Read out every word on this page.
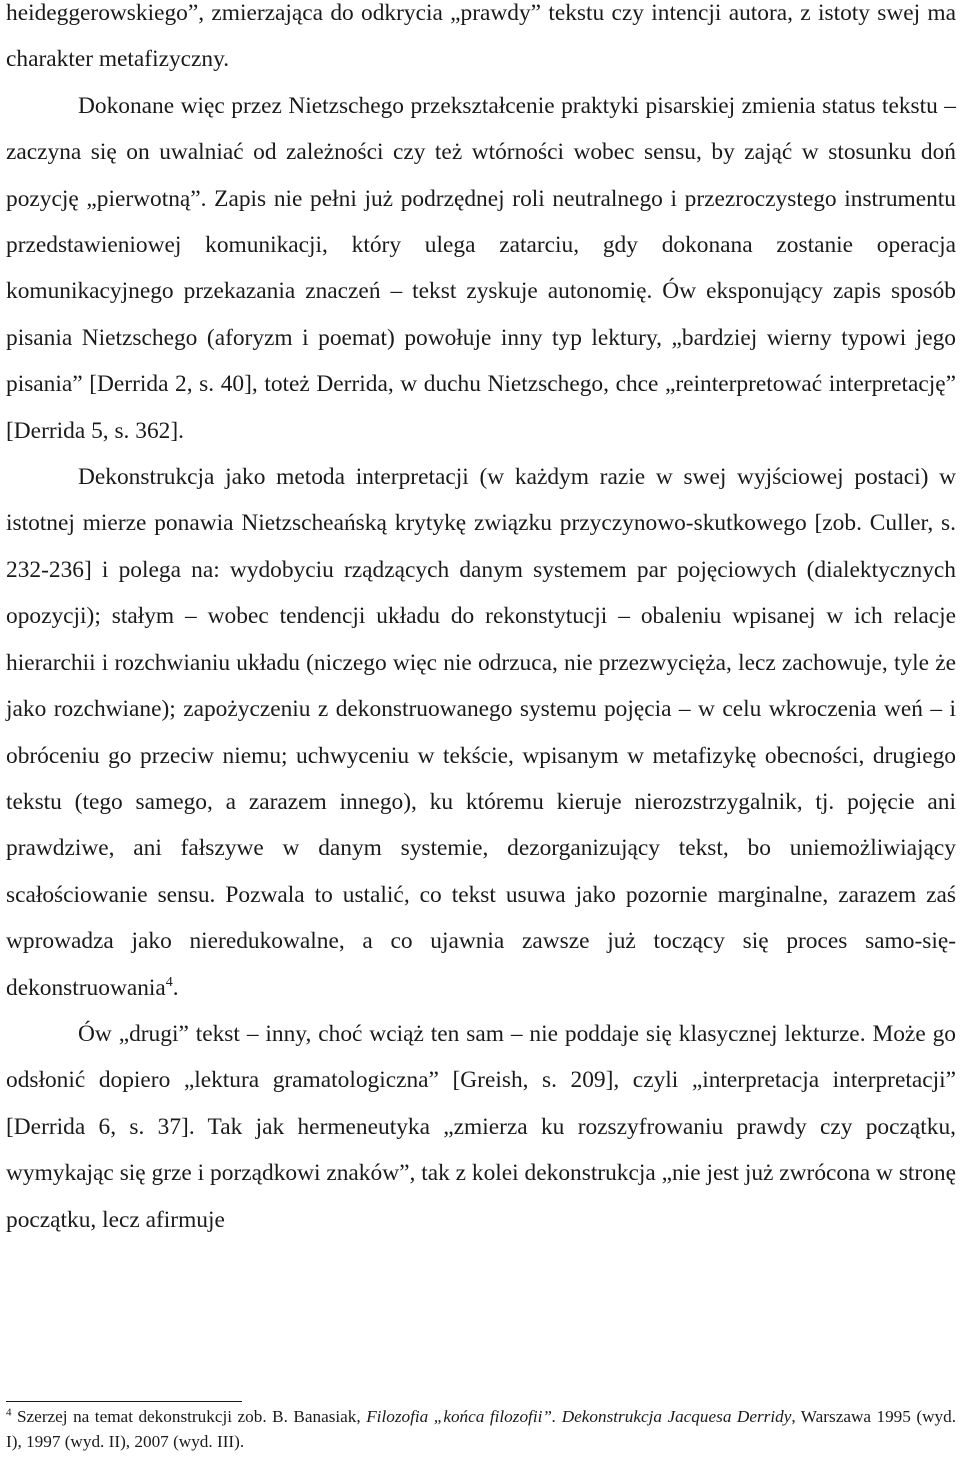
heideggerowskiego”, zmierzająca do odkrycia „prawdy” tekstu czy intencji autora, z istoty swej ma charakter metafizyczny.

Dokonane więc przez Nietzschego przekształcenie praktyki pisarskiej zmienia status tekstu – zaczyna się on uwalniać od zależności czy też wtórności wobec sensu, by zająć w stosunku doń pozycję „pierwotną”. Zapis nie pełni już podrzędnej roli neutralnego i przezroczystego instrumentu przedstawieniowej komunikacji, który ulega zatarciu, gdy dokonana zostanie operacja komunikacyjnego przekazania znaczeń – tekst zyskuje autonomię. Ów eksponujący zapis sposób pisania Nietzschego (aforyzm i poemat) powołuje inny typ lektury, „bardziej wierny typowi jego pisania” [Derrida 2, s. 40], toteż Derrida, w duchu Nietzschego, chce „reinterpretować interpretację” [Derrida 5, s. 362].

Dekonstrukcja jako metoda interpretacji (w każdym razie w swej wyjściowej postaci) w istotnej mierze ponawia Nietzscheańską krytykę związku przyczynowo-skutkowego [zob. Culler, s. 232-236] i polega na: wydobyciu rządzących danym systemem par pojęciowych (dialektycznych opozycji); stałym – wobec tendencji układu do rekonstytucji – obaleniu wpisanej w ich relacje hierarchii i rozchwianiu układu (niczego więc nie odrzuca, nie przezwycięża, lecz zachowuje, tyle że jako rozchwiane); zapożyczeniu z dekonstruowanego systemu pojęcia – w celu wkroczenia weń – i obróceniu go przeciw niemu; uchwyceniu w tekście, wpisanym w metafizykę obecności, drugiego tekstu (tego samego, a zarazem innego), ku któremu kieruje nierozstrzygalnik, tj. pojęcie ani prawdziwe, ani fałszywe w danym systemie, dezorganizujący tekst, bo uniemożliwiający scałościowanie sensu. Pozwala to ustalić, co tekst usuwa jako pozornie marginalne, zarazem zaś wprowadza jako nieredukowalne, a co ujawnia zawsze już toczący się proces samo-się-dekonstruowania$^4$.

Ów „drugi” tekst – inny, choć wciąż ten sam – nie poddaje się klasycznej lekturze. Może go odsłonić dopiero „lektura gramatologiczna” [Greish, s. 209], czyli „interpretacja interpretacji” [Derrida 6, s. 37]. Tak jak hermeneutyka „zmierza ku rozszyfrowaniu prawdy czy początku, wymykając się grze i porządkowi znaków”, tak z kolei dekonstrukcja „nie jest już zwrócona w stronę początku, lecz afirmuje

$^4$ Szerzej na temat dekonstrukcji zob. B. Banasiak, Filozofia „końca filozofii”. Dekonstrukcja Jacquesa Derridy, Warszawa 1995 (wyd. I), 1997 (wyd. II), 2007 (wyd. III).
